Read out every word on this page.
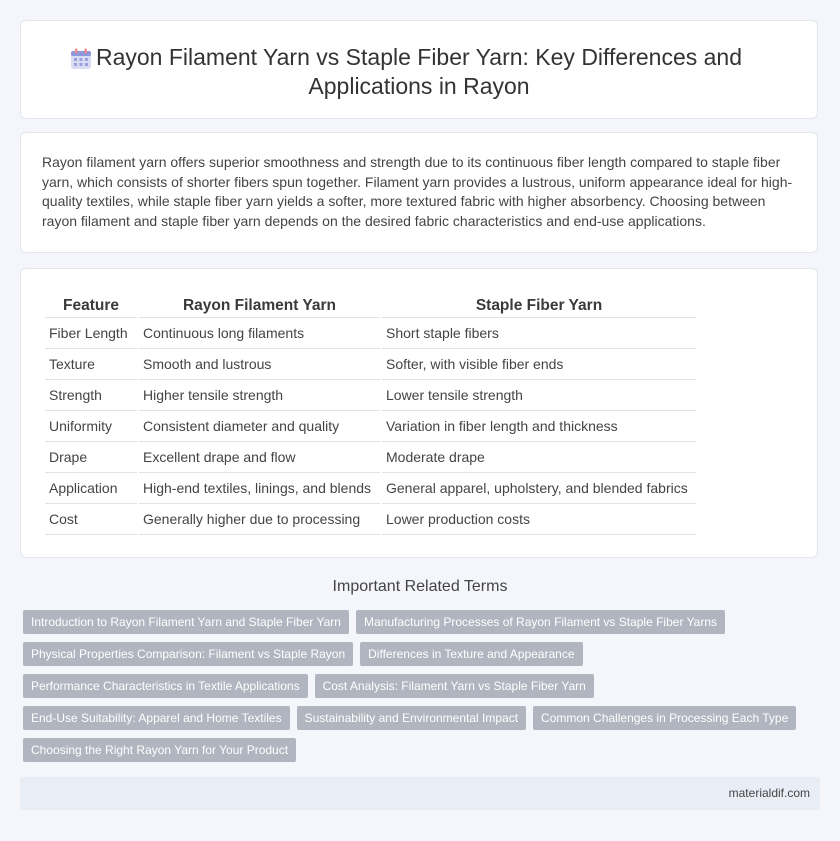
Rayon Filament Yarn vs Staple Fiber Yarn: Key Differences and Applications in Rayon

Rayon filament yarn offers superior smoothness and strength due to its continuous fiber length compared to staple fiber yarn, which consists of shorter fibers spun together. Filament yarn provides a lustrous, uniform appearance ideal for high-quality textiles, while staple fiber yarn yields a softer, more textured fabric with higher absorbency. Choosing between rayon filament and staple fiber yarn depends on the desired fabric characteristics and end-use applications.

Feature	Rayon Filament Yarn	Staple Fiber Yarn
Fiber Length	Continuous long filaments	Short staple fibers
Texture	Smooth and lustrous	Softer, with visible fiber ends
Strength	Higher tensile strength	Lower tensile strength
Uniformity	Consistent diameter and quality	Variation in fiber length and thickness
Drape	Excellent drape and flow	Moderate drape
Application	High-end textiles, linings, and blends	General apparel, upholstery, and blended fabrics
Cost	Generally higher due to processing	Lower production costs
Important Related Terms
Introduction to Rayon Filament Yarn and Staple Fiber Yarn	Manufacturing Processes of Rayon Filament vs Staple Fiber Yarns
Physical Properties Comparison: Filament vs Staple Rayon	Differences in Texture and Appearance
Performance Characteristics in Textile Applications	Cost Analysis: Filament Yarn vs Staple Fiber Yarn
End-Use Suitability: Apparel and Home Textiles	Sustainability and Environmental Impact	Common Challenges in Processing Each Type
Choosing the Right Rayon Yarn for Your Product
materialdif.com
